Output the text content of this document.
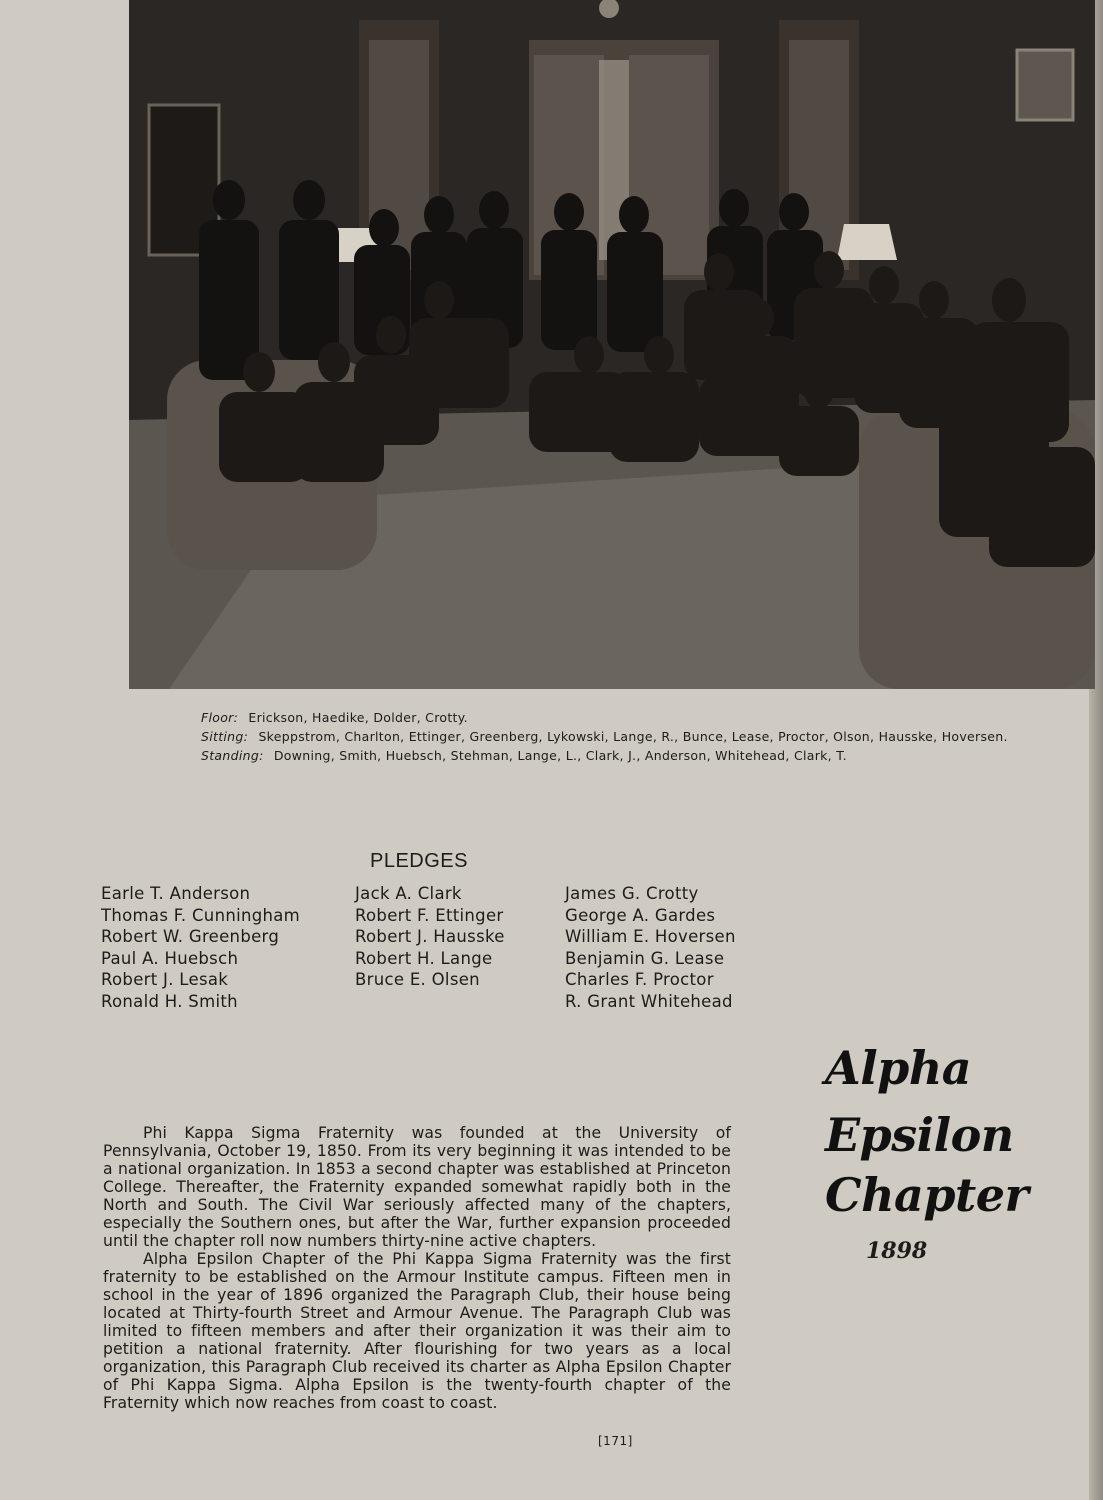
Floor: Erickson, Haedike, Dolder, Crotty.
Sitting: Skeppstrom, Charlton, Ettinger, Greenberg, Lykowski, Lange, R., Bunce, Lease, Proctor, Olson, Hausske, Hoversen.
Standing: Downing, Smith, Huebsch, Stehman, Lange, L., Clark, J., Anderson, Whitehead, Clark, T.
PLEDGES
Earle T. Anderson
Thomas F. Cunningham
Robert W. Greenberg
Paul A. Huebsch
Robert J. Lesak
Ronald H. Smith
Jack A. Clark
Robert F. Ettinger
Robert J. Hausske
Robert H. Lange
Bruce E. Olsen
James G. Crotty
George A. Gardes
William E. Hoversen
Benjamin G. Lease
Charles F. Proctor
R. Grant Whitehead
Alpha
Epsilon
Chapter
1898

Phi Kappa Sigma Fraternity was founded at the University of Pennsylvania, October 19, 1850. From its very beginning it was intended to be a national organization. In 1853 a second chapter was established at Princeton College. Thereafter, the Fraternity expanded somewhat rapidly both in the North and South. The Civil War seriously affected many of the chapters, especially the Southern ones, but after the War, further expansion proceeded until the chapter roll now numbers thirty-nine active chapters.

Alpha Epsilon Chapter of the Phi Kappa Sigma Fraternity was the first fraternity to be established on the Armour Institute campus. Fifteen men in school in the year of 1896 organized the Paragraph Club, their house being located at Thirty-fourth Street and Armour Avenue. The Paragraph Club was limited to fifteen members and after their organization it was their aim to petition a national fraternity. After flourishing for two years as a local organization, this Paragraph Club received its charter as Alpha Epsilon Chapter of Phi Kappa Sigma. Alpha Epsilon is the twenty-fourth chapter of the Fraternity which now reaches from coast to coast.

[171]
